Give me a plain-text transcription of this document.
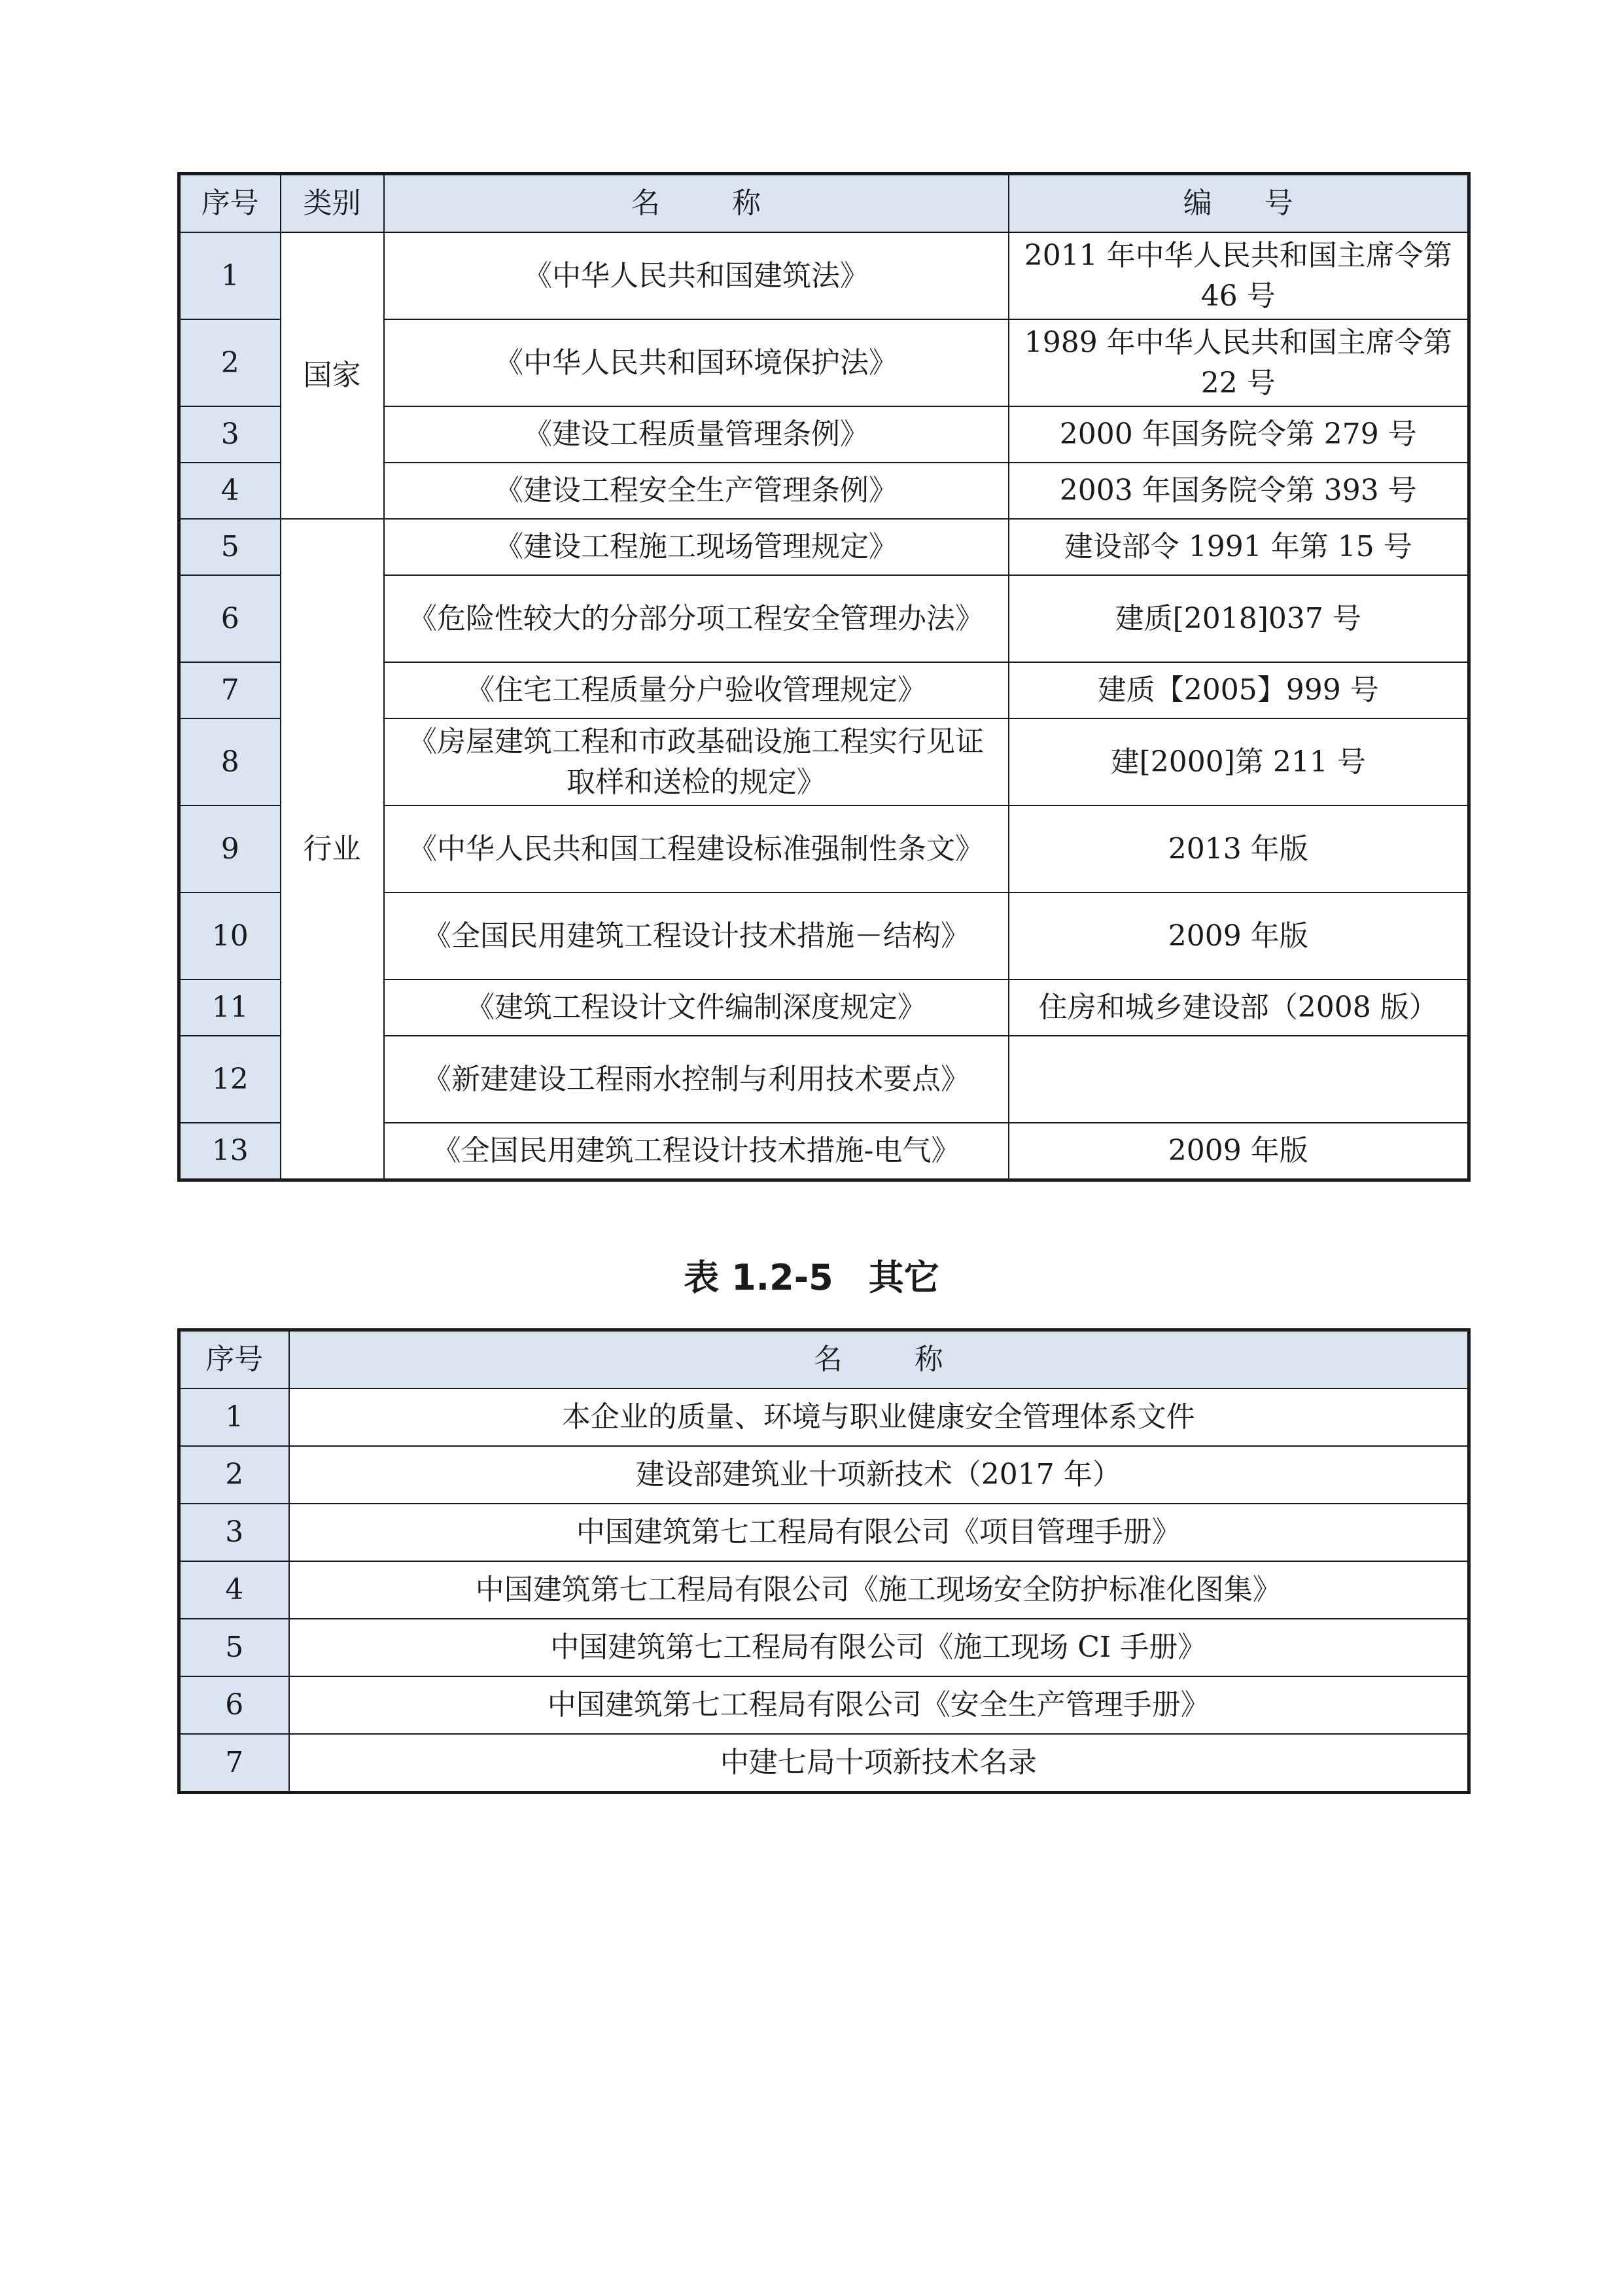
序号	类别	名 称	编 号
1	国家	《中华人民共和国建筑法》	2011 年中华人民共和国主席令第 46 号
2		《中华人民共和国环境保护法》	1989 年中华人民共和国主席令第 22 号
3		《建设工程质量管理条例》	2000 年国务院令第 279 号
4		《建设工程安全生产管理条例》	2003 年国务院令第 393 号
5	行业	《建设工程施工现场管理规定》	建设部令 1991 年第 15 号
6		《危险性较大的分部分项工程安全管理办法》	建质[2018]037 号
7		《住宅工程质量分户验收管理规定》	建质【2005】999 号
8		《房屋建筑工程和市政基础设施工程实行见证取样和送检的规定》	建[2000]第 211 号
9		《中华人民共和国工程建设标准强制性条文》	2013 年版
10		《全国民用建筑工程设计技术措施－结构》	2009 年版
11		《建筑工程设计文件编制深度规定》	住房和城乡建设部（2008 版）
12		《新建建设工程雨水控制与利用技术要点》	
13		《全国民用建筑工程设计技术措施-电气》	2009 年版
表 1.2-5　其它
序号	名 称
1	本企业的质量、环境与职业健康安全管理体系文件
2	建设部建筑业十项新技术（2017 年）
3	中国建筑第七工程局有限公司《项目管理手册》
4	中国建筑第七工程局有限公司《施工现场安全防护标准化图集》
5	中国建筑第七工程局有限公司《施工现场 CI 手册》
6	中国建筑第七工程局有限公司《安全生产管理手册》
7	中建七局十项新技术名录
